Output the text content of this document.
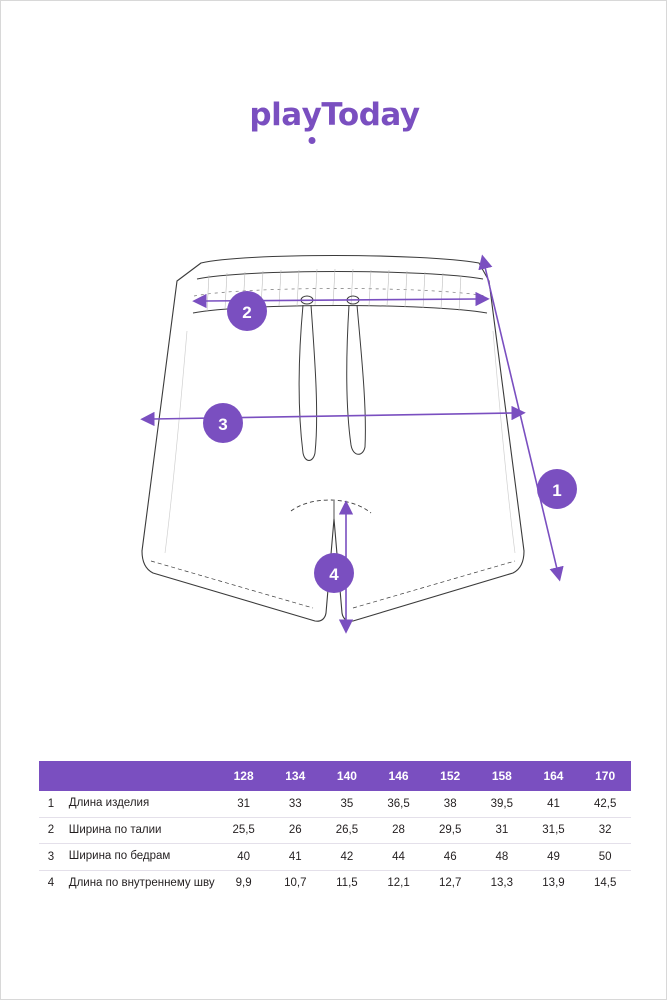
play
Today
1
2
3
4
		128	134	140	146	152	158	164	170
1	Длина изделия	31	33	35	36,5	38	39,5	41	42,5
2	Ширина по талии	25,5	26	26,5	28	29,5	31	31,5	32
3	Ширина по бедрам	40	41	42	44	46	48	49	50
4	Длина по внутреннему шву	9,9	10,7	11,5	12,1	12,7	13,3	13,9	14,5
